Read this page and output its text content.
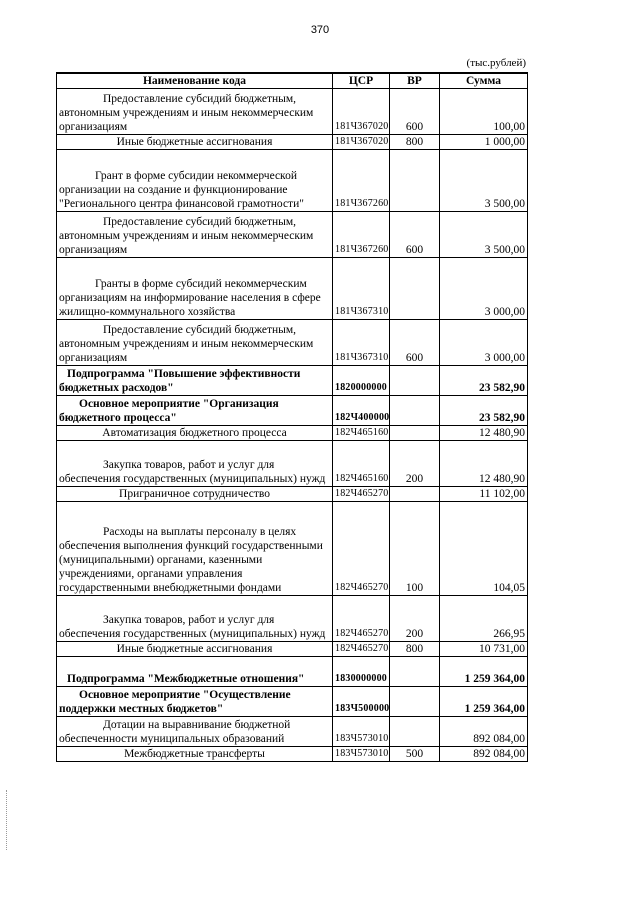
370
(тыс.рублей)
Наименование кода	ЦСР	ВР	Сумма

Предоставление субсидий бюджетным, автономным учреждениям и иным некоммерческим организациям	181Ч367020	600	100,00
Иные бюджетные ассигнования	181Ч367020	800	1 000,00

Грант в форме субсидии некоммерческой организации на создание и функционирование "Регионального центра финансовой грамотности"	181Ч367260		3 500,00

Предоставление субсидий бюджетным, автономным учреждениям и иным некоммерческим организациям	181Ч367260	600	3 500,00

Гранты в форме субсидий некоммерческим организациям на информирование населения в сфере жилищно-коммунального хозяйства	181Ч367310		3 000,00

Предоставление субсидий бюджетным, автономным учреждениям и иным некоммерческим организациям	181Ч367310	600	3 000,00

Подпрограмма "Повышение эффективности бюджетных расходов"	1820000000		23 582,90

Основное мероприятие "Организация бюджетного процесса"	182Ч400000		23 582,90
Автоматизация бюджетного процесса	182Ч465160		12 480,90

Закупка товаров, работ и услуг для обеспечения государственных (муниципальных) нужд	182Ч465160	200	12 480,90
Приграничное сотрудничество	182Ч465270		11 102,00

Расходы на выплаты персоналу в целях обеспечения выполнения функций государственными (муниципальными) органами, казенными учреждениями, органами управления государственными внебюджетными фондами	182Ч465270	100	104,05

Закупка товаров, работ и услуг для обеспечения государственных (муниципальных) нужд	182Ч465270	200	266,95
Иные бюджетные ассигнования	182Ч465270	800	10 731,00

Подпрограмма "Межбюджетные отношения"	1830000000		1 259 364,00

Основное мероприятие "Осуществление поддержки местных бюджетов"	183Ч500000		1 259 364,00

Дотации на выравнивание бюджетной обеспеченности муниципальных образований	183Ч573010		892 084,00
Межбюджетные трансферты	183Ч573010	500	892 084,00
